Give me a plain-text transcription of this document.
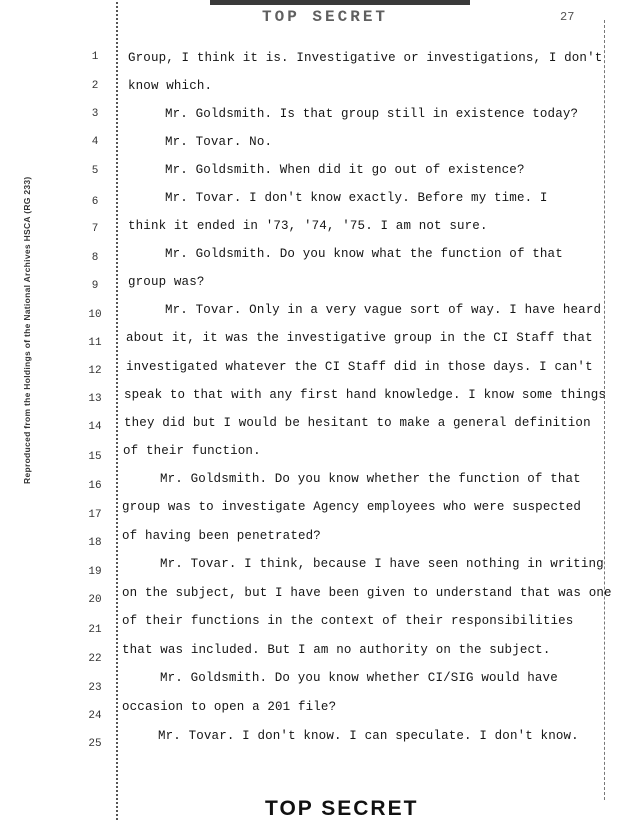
TOP SECRET	27
Reproduced from the Holdings of the National Archives HSCA (RG 233)
1	Group, I think it is. Investigative or investigations, I don't
2	know which.
3	Mr. Goldsmith. Is that group still in existence today?
4	Mr. Tovar. No.
5	Mr. Goldsmith. When did it go out of existence?
6	Mr. Tovar. I don't know exactly. Before my time. I
7	think it ended in '73, '74, '75. I am not sure.
8	Mr. Goldsmith. Do you know what the function of that
9	group was?
10	Mr. Tovar. Only in a very vague sort of way. I have heard
11	about it, it was the investigative group in the CI Staff that
12	investigated whatever the CI Staff did in those days. I can't
13	speak to that with any first hand knowledge. I know some things
14	they did but I would be hesitant to make a general definition
15	of their function.
16	Mr. Goldsmith. Do you know whether the function of that
17
group was to investigate Agency employees who were suspected
18	of having been penetrated?
19
Mr. Tovar. I think, because I have seen nothing in writing
20	on the subject, but I have been given to understand that was one
21
of their functions in the context of their responsibilities
22
that was included. But I am no authority on the subject.
23
Mr. Goldsmith. Do you know whether CI/SIG would have
24
occasion to open a 201 file?
25
Mr. Tovar. I don't know. I can speculate. I don't know.
TOP SECRET
